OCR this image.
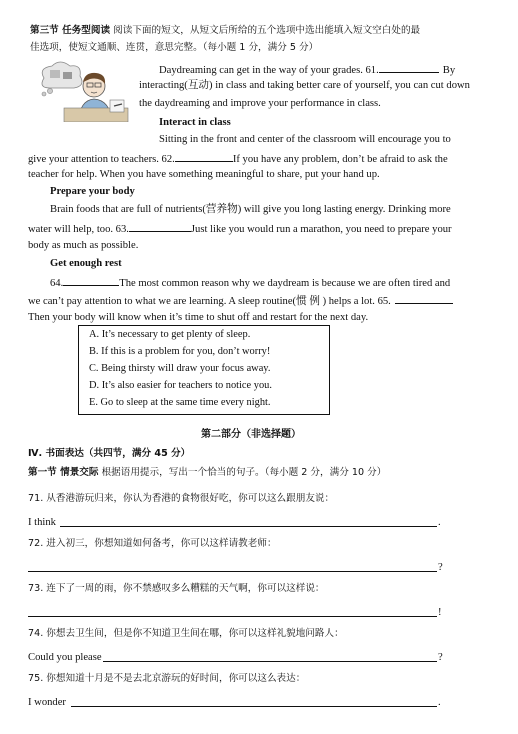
第三节 任务型阅读 阅读下面的短文，从短文后所给的五个选项中选出能填入短文空白处的最
佳选项，使短文通顺、连贯，意思完整。（每小题 1 分，满分 5 分）
Daydreaming can get in the way of your grades. 61.	By
interacting(互动) in class and taking better care of yourself, you can cut down
the daydreaming and improve your performance in class.
Interact in class
Sitting in the front and center of the classroom will encourage you to
give your attention to teachers. 62.	If you have any problem, don’t be afraid to ask the
teacher for help. When you have something meaningful to share, put your hand up.
Prepare your body
Brain foods that are full of nutrients(营养物) will give you long lasting energy. Drinking more
water will help, too. 63.	Just like you would run a marathon, you need to prepare your
body as much as possible.
Get enough rest
64.	The most common reason why we daydream is because we are often tired and
we can’t pay attention to what we are learning. A sleep routine(惯 例 ) helps a lot. 65.
Then your body will know when it’s time to shut off and restart for the next day.
A. It’s necessary to get plenty of sleep.
B. If this is a problem for you, don’t worry!
C. Being thirsty will draw your focus away.
D. It’s also easier for teachers to notice you.
E. Go to sleep at the same time every night.
第二部分（非选择题）
Ⅳ. 书面表达（共四节，满分 45 分）
第一节 情景交际 根据语用提示，写出一个恰当的句子。（每小题 2 分，满分 10 分）
71. 从香港游玩归来，你认为香港的食物很好吃，你可以这么跟朋友说：
I think	.
72. 进入初三，你想知道如何备考，你可以这样请教老师：
?
73. 连下了一周的雨，你不禁感叹多么糟糕的天气啊，你可以这样说：
!
74. 你想去卫生间，但是你不知道卫生间在哪，你可以这样礼貌地问路人：
Could you please	?
75. 你想知道十月是不是去北京游玩的好时间，你可以这么表达：
I wonder	.
